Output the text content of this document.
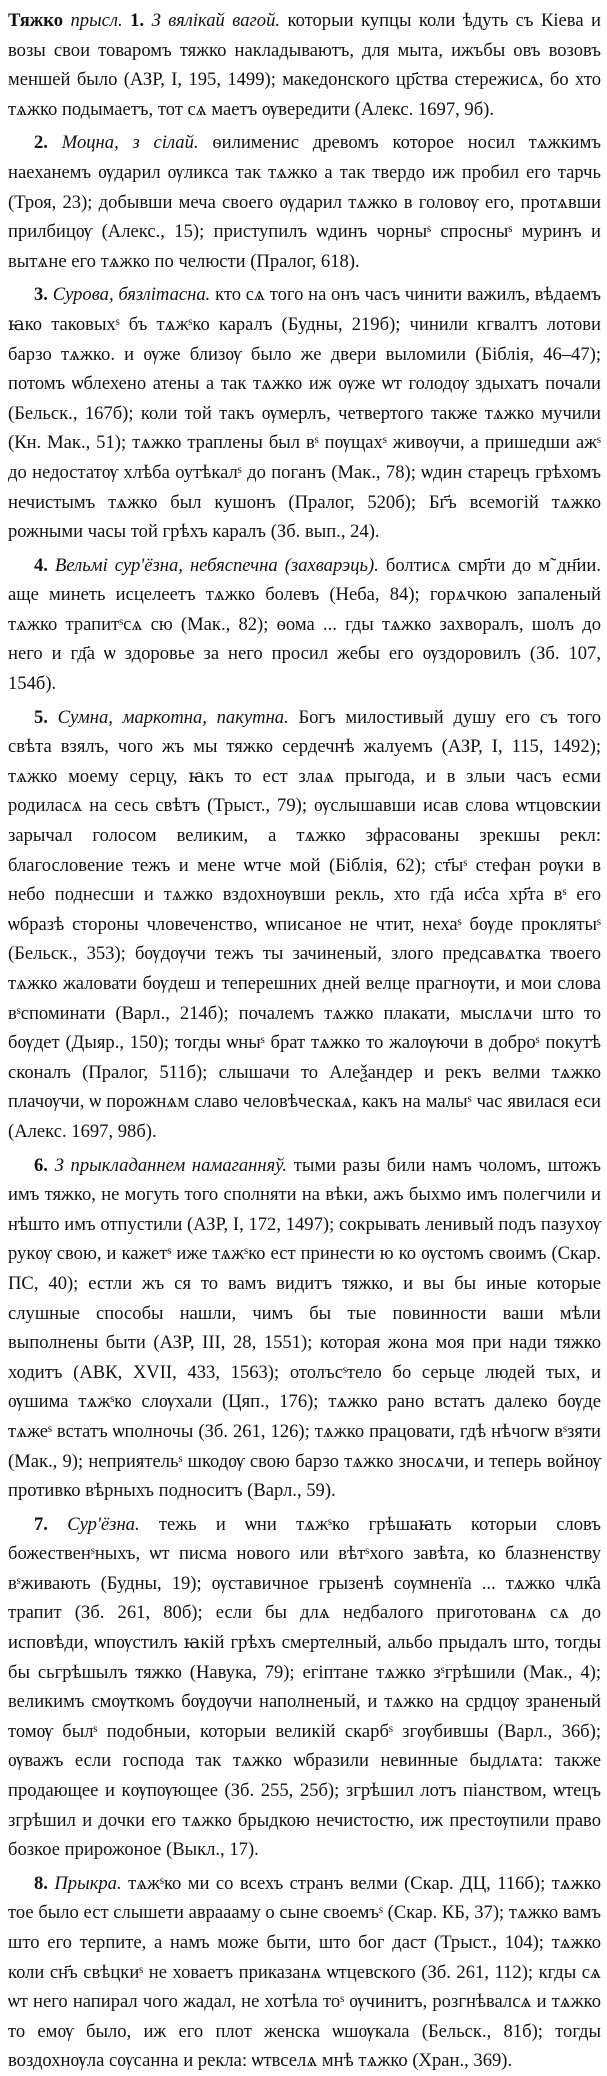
Тяжко прысл. 1. З вялікай вагой. которыи купцы коли ѣдуть съ Кіева и возы свои товаромъ тяжко накладываютъ, для мыта, ижъбы овъ возовъ меншей было (АЗР, I, 195, 1499); македонского цр҃ства стережисѧ, бо хто тѧжко подымаетъ, тот сѧ маетъ ѹвередити (Алекс. 1697, 9б).

2. Моцна, з сілай. ѳилименис древомъ которое носил тѧжкимъ наеханемъ ѹдарил ѹликса так тѧжко а так твердо иж пробил его тарчь (Троя, 23); добывши меча своего ѹдарил тѧжко в головѹ его, протѧвши прилбицѹ (Алекс., 15); приступилъ ѡдинъ чорныˢ спросныˢ муринъ и вытѧне его тѧжко по челюсти (Пралог, 618).

3. Сурова, бязлітасна. кто сѧ того на онъ часъ чинити важилъ, вѣдаемъ ꙗко таковыхˢ бъ тѧжˢко каралъ (Будны, 219б); чинили кгвалтъ лотови барзо тѧжко. и ѹже близѹ было же двери выломили (Біблія, 46–47); потомъ ѡблехено атены а так тѧжко иж ѹже ѡт голодѹ здыхатъ почали (Бельск., 167б); коли той такъ ѹмерлъ, четвертого также тѧжко мучили (Кн. Мак., 51); тѧжко траплены был вˢ пѹщахˢ живѹчи, а пришедши ажˢ до недостатѹ хлѣба оутѣкалˢ до поганъ (Мак., 78); ѡдин старецъ грѣхомъ нечистымъ тѧжко был кушонъ (Пралог, 520б); Бг҃ъ всемогій тѧжко рожными часы той грѣхъ каралъ (Зб. вып., 24).

4. Вельмі сур'ёзна, небяспечна (захварэць). болтисѧ смр҃ти до м̃ дн҃ии. аще минеть исцелеетъ тѧжко болевъ (Неба, 84); горѧчкою запаленый тѧжко трапитˢсѧ сю (Мак., 82); ѳома ... гды тѧжко захворалъ, шолъ до него и гд҃а ѡ здоровье за него просил жебы его ѹздоровилъ (Зб. 107, 154б).

5. Сумна, маркотна, пакутна. Богъ милостивый душу его съ того свѣта взялъ, чого жъ мы тяжко сердечнѣ жалуемъ (АЗР, I, 115, 1492); тѧжко моему серцу, ꙗкъ то ест злаѧ прыгода, и в злыи часъ есми родиласѧ на сесь свѣтъ (Трыст., 79); ѹслышавши исав слова ѡтцовскии зарычал голосом великим, а тѧжко зфрасованы зрекшы рекл: благословение тежъ и мене ѡтче мой (Біблія, 62); ст҃ыˢ стефан рѹки в небо поднесши и тѧжко вздохнѹвши рекль, хто гд҃а ис҃са хр҃та вˢ его ѡбразѣ стороны чловеченство, ѡписаное не чтит, нехаˢ бѹде проклятыˢ (Бельск., 353); бѹдѹчи тежъ ты зачиненый, злого предсавѧтка твоего тѧжко жаловати бѹдеш и теперешних дней велце прагнѹти, и мои слова вˢспоминати (Варл., 214б); почалемъ тѧжко плакати, мыслѧчи што то бѹдет (Дыяр., 150); тогды ѡныˢ брат тѧжко то жалѹючи в доброˢ покутѣ сконалъ (Пралог, 511б); слышачи то Алеѯандер и рекъ велми тѧжко плачѹчи, ѡ порожнѧм славо человѣческаѧ, какъ на малыˢ час явилася еси (Алекс. 1697, 98б).

6. З прыкладаннем намаганняў. тыми разы били намъ чоломъ, штожъ имъ тяжко, не могуть того сполняти на вѣки, ажъ быхмо имъ полегчили и нѣшто имъ отпустили (АЗР, I, 172, 1497); сокрывать ленивый подъ пазухѹ рукѹ свою, и кажетˢ иже тѧжˢко ест принести ю ко ѹстомъ своимъ (Скар. ПС, 40); естли жъ ся то вамъ видитъ тяжко, и вы бы иные которые слушные способы нашли, чимъ бы тые повинности ваши мѣли выполнены быти (АЗР, III, 28, 1551); которая жона моя при нади тяжко ходитъ (АВК, XVII, 433, 1563); отолъсˢтело бо серьце людей тых, и ѹшима тѧжˢко слѹхали (Цяп., 176); тѧжко рано встатъ далеко бѹде тѧжеˢ встатъ ѡполночы (Зб. 261, 126); тѧжко працовати, гдѣ нѣчогѡ вˢзяти (Мак., 9); неприятельˢ шкодѹ свою барзо тѧжко зносѧчи, и теперь войнѹ противко вѣрныхъ подноситъ (Варл., 59).

7. Сур'ёзна. тежь и ѡни тѧжˢко грѣшаꙗть которыи словъ божественˢныхъ, ѡт писма нового или вѣтˢхого завѣта, ко блазненству вˢживають (Будны, 19); ѹставичное грызенѣ сѹмненїа ... тѧжко члк҃а трапит (Зб. 261, 80б); если бы длѧ недбалого приготованѧ сѧ до исповѣди, ѡпѹстилъ ꙗкій грѣхъ смертелный, альбо прыдалъ што, тогды бы сьгрѣшылъ тяжко (Навука, 79); егіптане тѧжко зˢгрѣшили (Мак., 4); великимъ смѹткомъ бѹдѹчи наполненый, и тѧжко на срдцѹ зраненый томѹ былˢ подобныи, которыи великій скарбˢ згѹбившы (Варл., 36б); ѹважъ если господа так тѧжко ѡбразили невинные быдлѧта: также продающее и кѹпѹющее (Зб. 255, 25б); згрѣшил лотъ піанством, ѡтецъ згрѣшил и дочки его тѧжко брыдкою нечистостю, иж престѹпили право бозкое прирожоное (Выкл., 17).

8. Прыкра. тѧжˢко ми со всехъ странъ велми (Скар. ДЦ, 116б); тѧжко тое было ест слышети авраааму о сыне своемъˢ (Скар. КБ, 37); тѧжко вамъ што его терпите, а намъ може быти, што бог даст (Трыст., 104); тѧжко коли сн҃ъ свѣцкиˢ не ховаетъ приказанѧ ѡтцевского (Зб. 261, 112); кгды сѧ ѡт него напирал чого жадал, не хотѣла тоˢ ѹчинитъ, розгнѣвалсѧ и тѧжко то емѹ было, иж его плот женска ѡшѹкала (Бельск., 81б); тогды воздохнѹла сѹсанна и рекла: ѡтвселѧ мнѣ тѧжко (Хран., 369).
